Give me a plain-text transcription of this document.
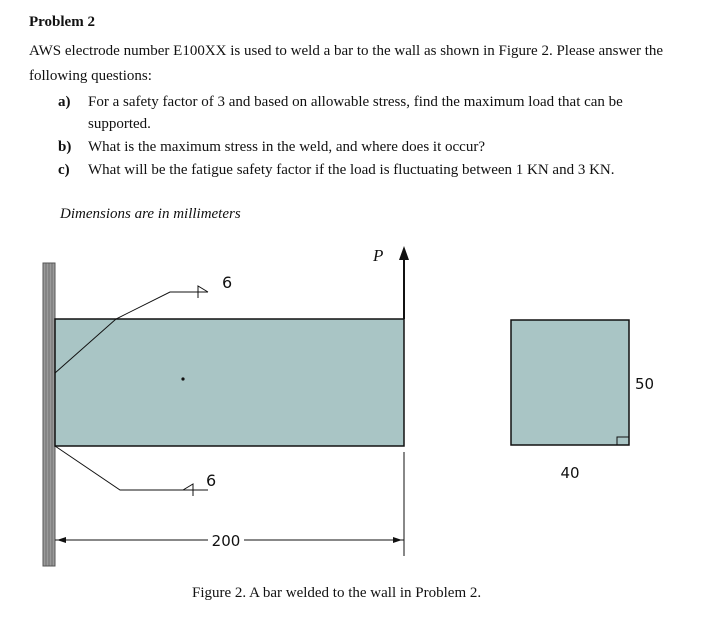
Problem 2
AWS electrode number E100XX is used to weld a bar to the wall as shown in Figure 2. Please answer the following questions:
a) For a safety factor of 3 and based on allowable stress, find the maximum load that can be supported.
b) What is the maximum stress in the weld, and where does it occur?
c) What will be the fatigue safety factor if the load is fluctuating between 1 KN and 3 KN.
Dimensions are in millimeters
6
6
P
200
50
40
Figure 2. A bar welded to the wall in Problem 2.
